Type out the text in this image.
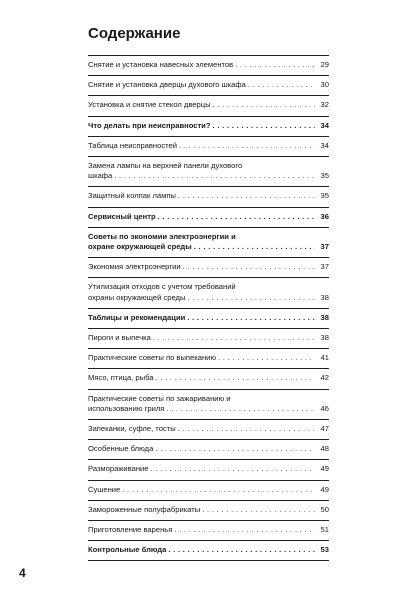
Содержание
Снятие и установка навесных элементов . . .	29
Снятие и установка дверцы духового шкафа . . .	30
Установка и снятие стекол дверцы . . .	32
Что делать при неисправности? . . .	34
Таблица неисправностей . . .	34
Замена лампы на верхней панели духового
шкафа . . .	35
Защитный колпак лампы . . .	35
Сервисный центр . . .	36
Советы по экономии электроэнергии и
охране окружающей среды . . .	37
Экономия электроэнергии . . .	37
Утилизация отходов с учетом требований
охраны окружающей среды . . .	38
Таблицы и рекомендации . . .	38
Пироги и выпечка . . .	38
Практические советы по выпеканию . . .	41
Мясо, птица, рыба . . .	42
Практические советы по зажариванию и
использованию гриля . . .	46
Запеканки, суфле, тосты . . .	47
Особенные блюда . . .	48
Размораживание . . .	49
Сушение . . .	49
Замороженные полуфабрикаты . . .	50
Приготовление варенья . . .	51
Контрольные блюда . . .	53
4
